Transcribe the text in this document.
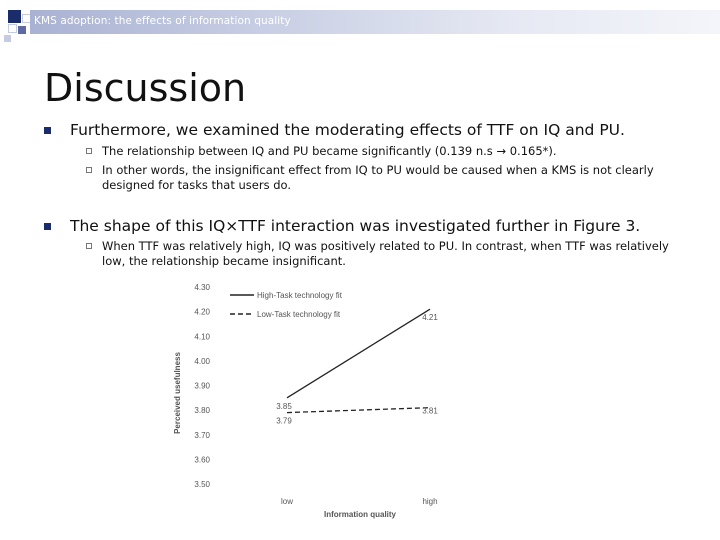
KMS adoption: the effects of information quality
Discussion
Furthermore, we examined the moderating effects of TTF on IQ and PU.
The relationship between IQ and PU became significantly (0.139 n.s → 0.165*).
In other words, the insignificant effect from IQ to PU would be caused when a KMS is not clearly designed for tasks that users do.
The shape of this IQ×TTF interaction was investigated further in Figure 3.
When TTF was relatively high, IQ was positively related to PU. In contrast, when TTF was relatively low, the relationship became insignificant.
3.50
3.60
3.70
3.80
3.90
4.00
4.10
4.20
4.30
High-Task technology fit
Low-Task technology fit
3.85
4.21
3.79
3.81
low	high
Perceived usefulness
Information quality
